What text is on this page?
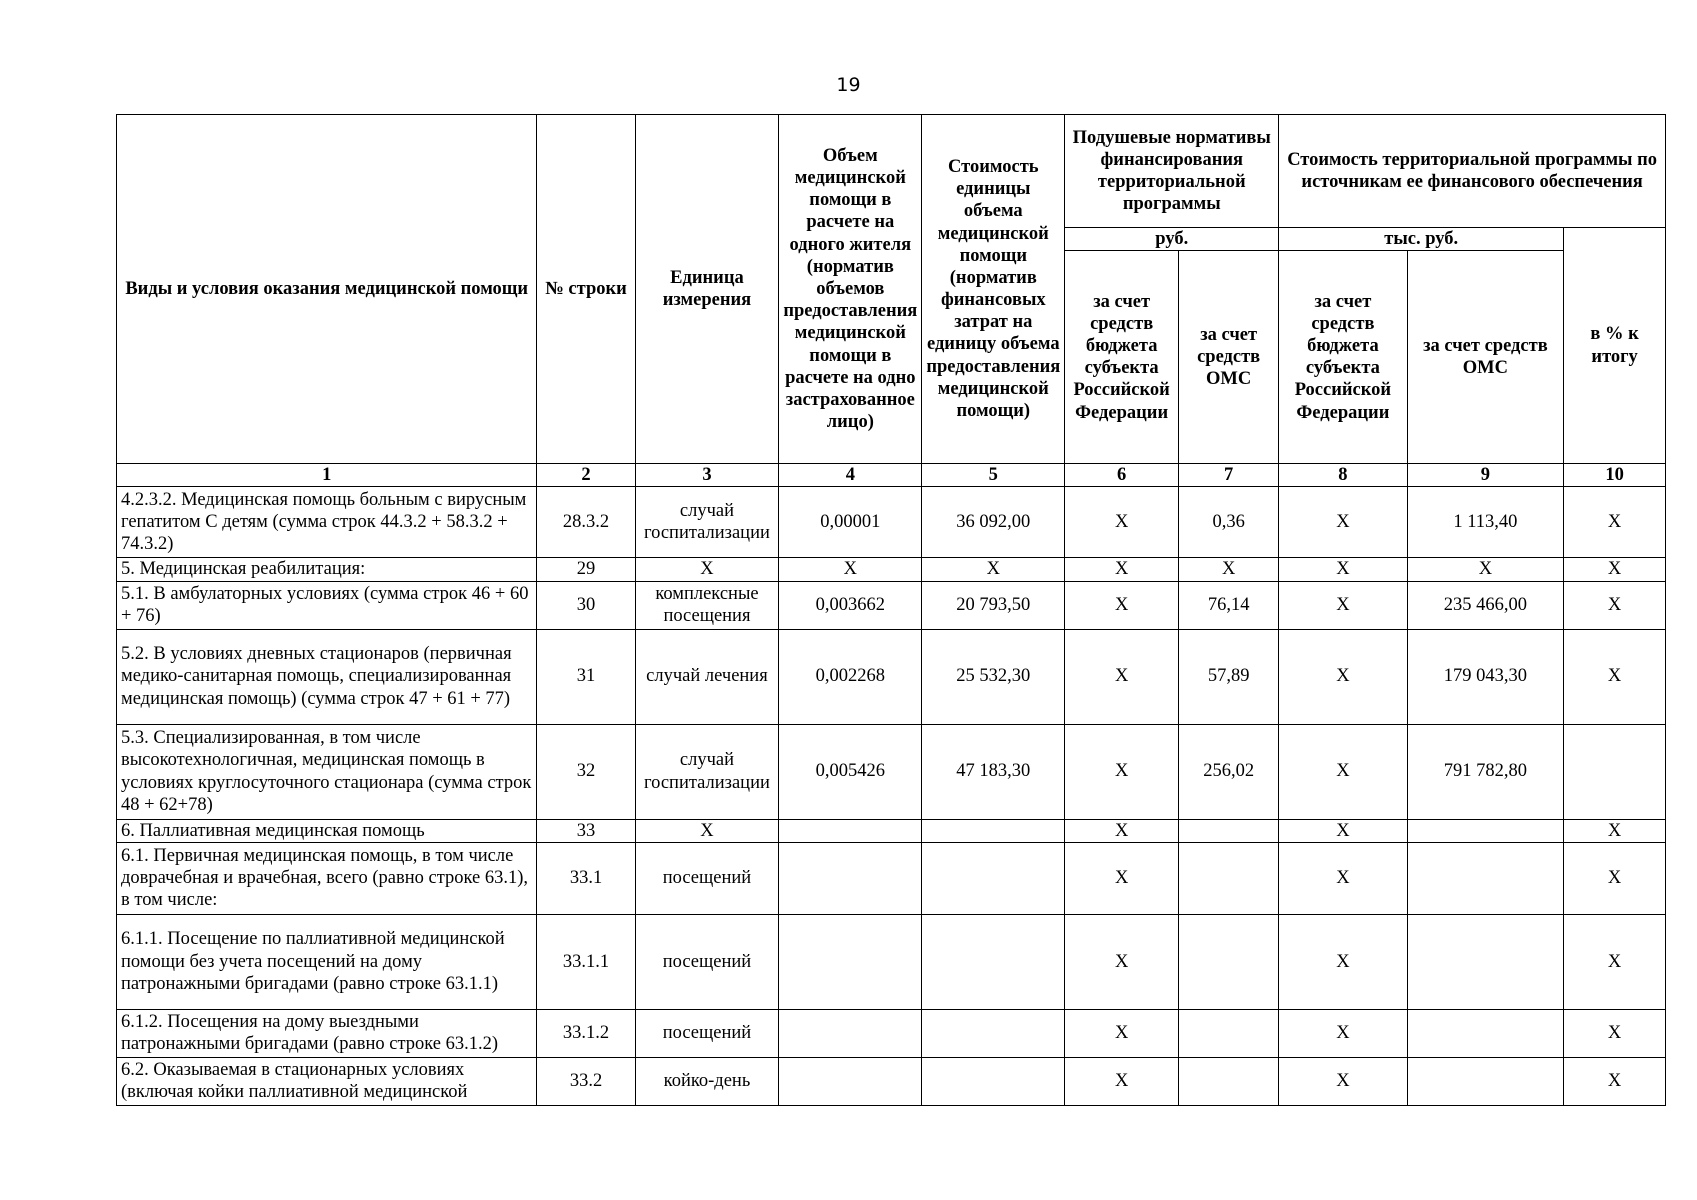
19
Виды и условия оказания медицинской помощи	№ строки	Единица измерения	Объем медицинской помощи в расчете на одного жителя (норматив объемов предоставления медицинской помощи в расчете на одно застрахованное лицо)	Стоимость единицы объема медицинской помощи (норматив финансовых затрат на единицу объема предоставления медицинской помощи)	Подушевые нормативы финансирования территориальной программы		Стоимость территориальной программы по источникам ее финансового обеспечения		
					руб.		тыс. руб.		в % к итогу
					за счет средств бюджета субъекта Российской Федерации	за счет средств ОМС	за счет средств бюджета субъекта Российской Федерации	за счет средств ОМС	
1	2	3	4	5	6	7	8	9	10
4.2.3.2. Медицинская помощь больным с вирусным гепатитом С детям (сумма строк 44.3.2 + 58.3.2 + 74.3.2)	28.3.2	случай госпитализации	0,00001	36 092,00	X	0,36	X	1 113,40	X
5. Медицинская реабилитация:	29	X	X	X	X	X	X	X	X
5.1. В амбулаторных условиях (сумма строк 46 + 60 + 76)	30	комплексные посещения	0,003662	20 793,50	X	76,14	X	235 466,00	X
5.2. В условиях дневных стационаров (первичная медико-санитарная помощь, специализированная медицинская помощь) (сумма строк 47 + 61 + 77)	31	случай лечения	0,002268	25 532,30	X	57,89	X	179 043,30	X
5.3. Специализированная, в том числе высокотехнологичная, медицинская помощь в условиях круглосуточного стационара (сумма строк 48 + 62+78)	32	случай госпитализации	0,005426	47 183,30	X	256,02	X	791 782,80	
6. Паллиативная медицинская помощь	33	X			X		X		X
6.1. Первичная медицинская помощь, в том числе доврачебная и врачебная, всего (равно строке 63.1), в том числе:	33.1	посещений			X		X		X
6.1.1. Посещение по паллиативной медицинской помощи без учета посещений на дому патронажными бригадами (равно строке 63.1.1)	33.1.1	посещений			X		X		X
6.1.2. Посещения на дому выездными патронажными бригадами (равно строке 63.1.2)	33.1.2	посещений			X		X		X
6.2. Оказываемая в стационарных условиях (включая койки паллиативной медицинской	33.2	койко-день			X		X		X
